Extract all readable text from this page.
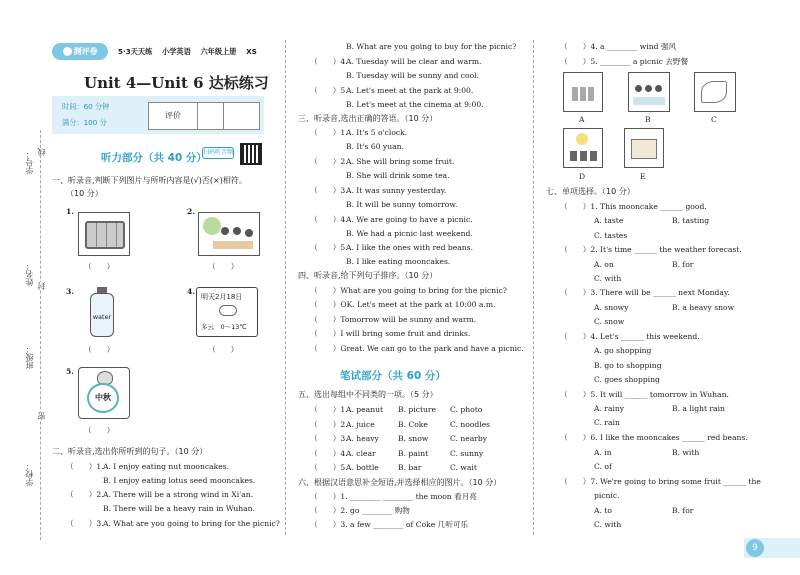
学号：
姓名：
班级：
学校：
线
封
密
测评卷	5·3天天练　 小学英语　 六年级上册　 XS
Unit 4—Unit 6 达标练习
时间：60 分钟
满分：100 分
评价
听力部分（共 40 分）
扫码听音频
一、听录音,判断下列图片与所听内容是(√)否(×)相符。
（10 分）
1.
（　　）
2.
（　　）
3.
water
（　　）
4.
明天2月18日
多云　0～13℃
（　　）
5.
中秋
（　　）
二、听录音,选出你所听到的句子。（10 分）
（　　）1. A. I enjoy eating nut mooncakes.
B. I enjoy eating lotus seed mooncakes.
（　　）2. A. There will be a strong wind in Xi'an.
B. There will be a heavy rain in Wuhan.
（　　）3. A. What are you going to bring for the picnic?
B. What are you going to buy for the picnic?
（　　）4.
A. Tuesday will be clear and warm.
B. Tuesday will be sunny and cool.
（　　）5.
A. Let's meet at the park at 9:00.
B. Let's meet at the cinema at 9:00.
三、听录音,选出正确的答语。（10 分）
（　　）1.
A. It's 5 o'clock.
B. It's 60 yuan.
（　　）2.
A. She will bring some fruit.
B. She will drink some tea.
（　　）3.
A. It was sunny yesterday.
B. It will be sunny tomorrow.
（　　）4.
A. We are going to have a picnic.
B. We had a picnic last weekend.
（　　）5.
A. I like the ones with red beans.
B. I like eating mooncakes.
四、听录音,给下列句子排序。（10 分）
（　　）What are you going to bring for the picnic?
（　　）OK. Let's meet at the park at 10:00 a.m.
（　　）Tomorrow will be sunny and warm.
（　　）I will bring some fruit and drinks.
（　　）Great. We can go to the park and have a picnic.
笔试部分（共 60 分）
五、选出每组中不同类的一项。（5 分）
（　　）1.
A. peanut B. picture C. photo
（　　）2.
A. juice	B. Coke	C. noodles
（　　）3.
A. heavy	B. snow	C. nearby
（　　）4.
A. clear	B. paint	C. sunny
（　　）5.
A. bottle	B. bar	C. wait
六、根据汉语意思补全短语,并选择相应的图片。（10 分）
（　　）1. ________ ________ the moon 看月亮
（　　）2. go ________ 购物
（　　）3. a few ________ of Coke 几听可乐
（　　）4. a ________ wind 强风
（　　）5. ________ a picnic 去野餐
A	B	C
D	E
七、单项选择。（10 分）
（　　）1. This mooncake ______ good.
A. taste	B. tasting
C. tastes
（　　）2. It's time ______ the weather forecast.
A. on	B. for
C. with
（　　）3. There will be ______ next Monday.
A. snowy	B. a heavy snow
C. snow
（　　）4. Let's ______ this weekend.
A. go shopping
B. go to shopping
C. goes shopping
（　　）5. It will ______ tomorrow in Wuhan.
A. rainy	B. a light rain
C. rain
（　　）6. I like the mooncakes ______ red beans.
A. in	B. with
C. of
（　　）7. We're going to bring some fruit ______ the
picnic.
A. to	B. for
C. with
9
